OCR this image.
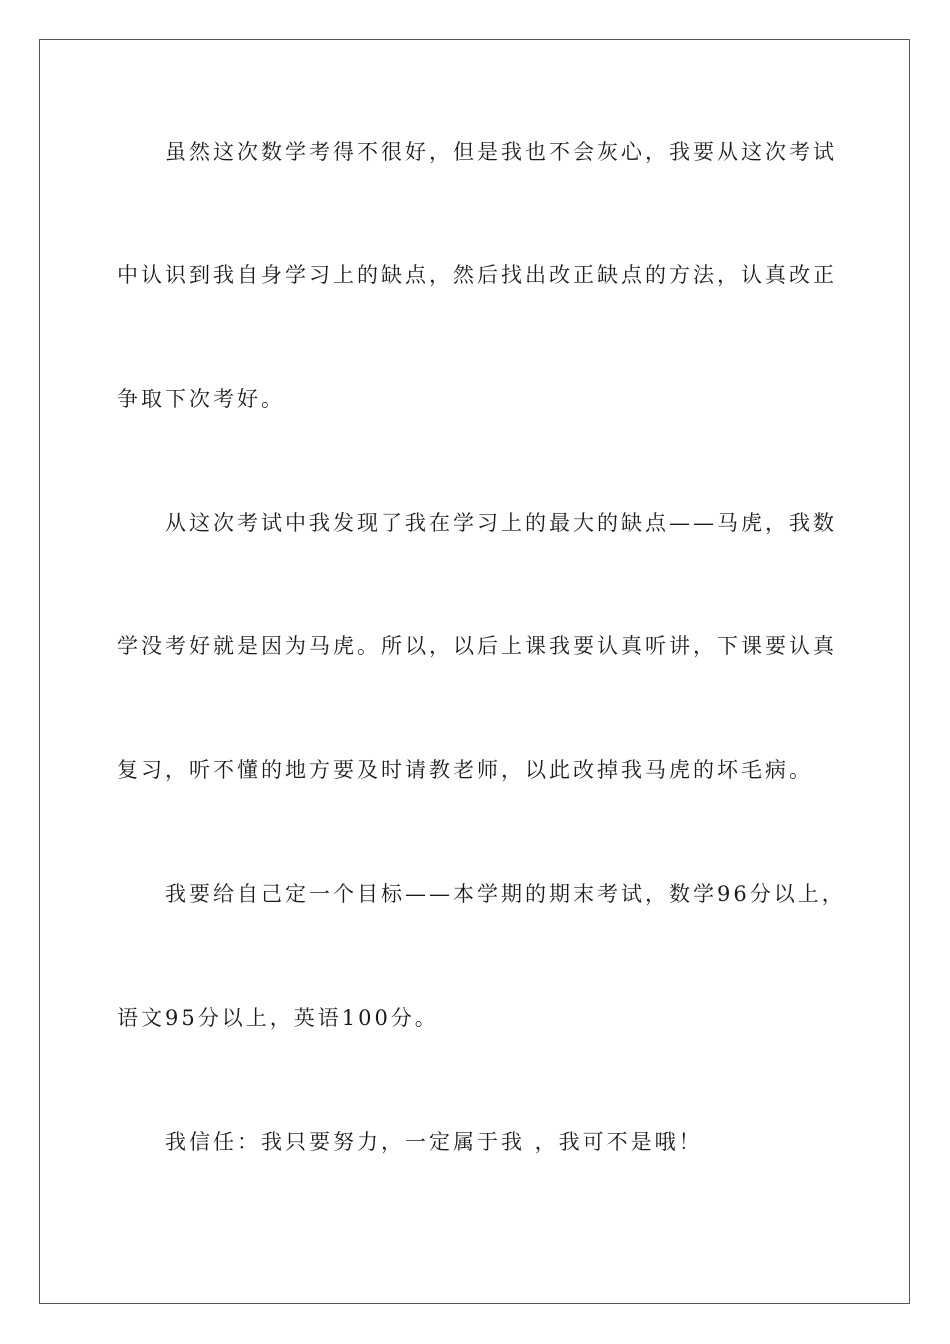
虽然这次数学考得不很好，但是我也不会灰心，我要从这次考试
中认识到我自身学习上的缺点，然后找出改正缺点的方法，认真改正
争取下次考好。
从这次考试中我发现了我在学习上的最大的缺点——马虎，我数
学没考好就是因为马虎。所以，以后上课我要认真听讲，下课要认真
复习，听不懂的地方要及时请教老师，以此改掉我马虎的坏毛病。
我要给自己定一个目标——本学期的期末考试，数学96分以上，
语文95分以上，英语100分。
我信任：我只要努力，一定属于我 ，我可不是哦！
